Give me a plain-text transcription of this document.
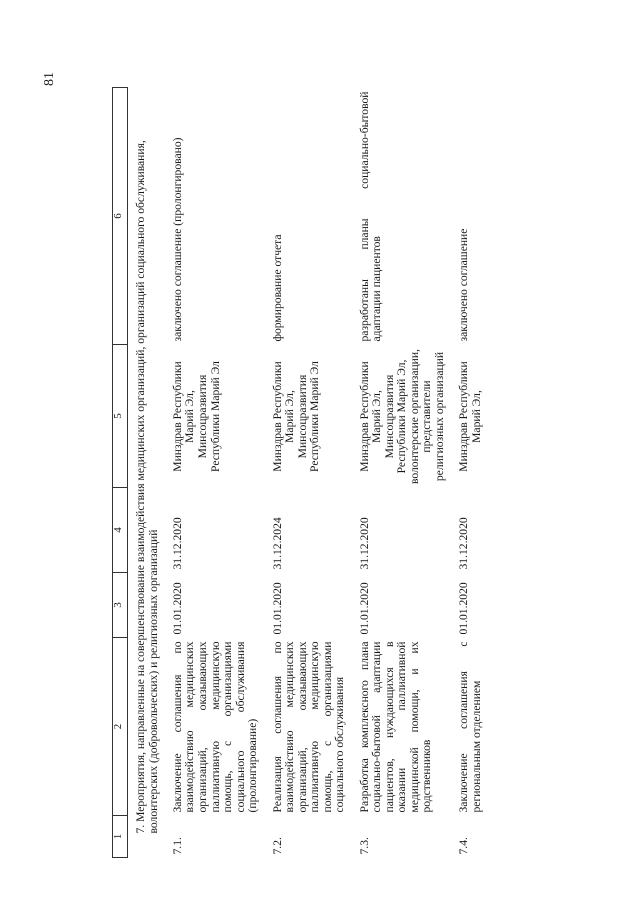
81
1	2	3	4	5	6
7. Мероприятия, направленные на совершенствование взаимодействия медицинских организаций, организаций социального обслуживания, волонтерских (добровольческих) и религиозных организаций					
7.1.	Заключение соглашения по взаимодействию медицинских организаций, оказывающих паллиативную медицинскую помощь, с организациями социального обслуживания (пролонгирование)	01.01.2020	31.12.2020	Минздрав Республики Марий Эл, Минсоцразвития Республики Марий Эл	заключено соглашение (пролонгировано)
7.2.	Реализация соглашения по взаимодействию медицинских организаций, оказывающих паллиативную медицинскую помощь, с организациями социального обслуживания	01.01.2020	31.12.2024	Минздрав Республики Марий Эл, Минсоцразвития Республики Марий Эл	формирование отчета
7.3.	Разработка комплексного плана социально-бытовой адаптации пациентов, нуждающихся в оказании паллиативной медицинской помощи, и их родственников	01.01.2020	31.12.2020	Минздрав Республики Марий Эл, Минсоцразвития Республики Марий Эл, волонтерские организации, представители религиозных организаций	разработаны планы социально-бытовой адаптации пациентов
7.4.	Заключение соглашения с региональным отделением	01.01.2020	31.12.2020	Минздрав Республики Марий Эл,	заключено соглашение
